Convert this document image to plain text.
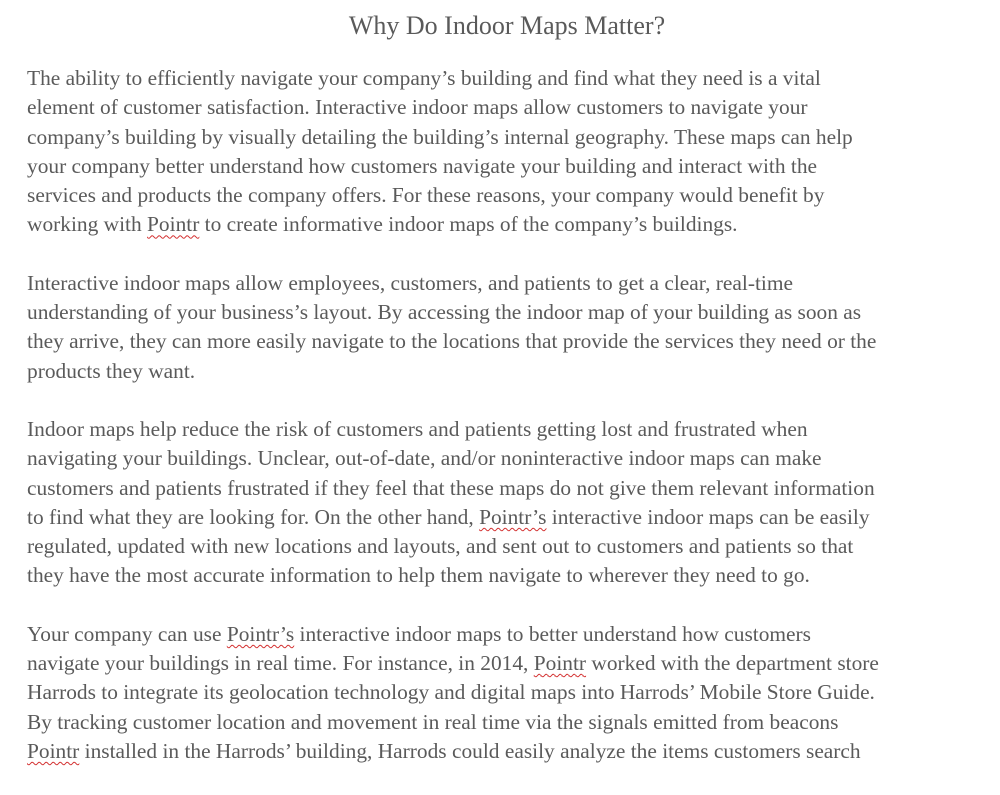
Why Do Indoor Maps Matter?

The ability to efficiently navigate your company’s building and find what they need is a vital
element of customer satisfaction. Interactive indoor maps allow customers to navigate your
company’s building by visually detailing the building’s internal geography. These maps can help
your company better understand how customers navigate your building and interact with the
services and products the company offers. For these reasons, your company would benefit by
working with Pointr to create informative indoor maps of the company’s buildings.

Interactive indoor maps allow employees, customers, and patients to get a clear, real-time
understanding of your business’s layout. By accessing the indoor map of your building as soon as
they arrive, they can more easily navigate to the locations that provide the services they need or the
products they want.

Indoor maps help reduce the risk of customers and patients getting lost and frustrated when
navigating your buildings. Unclear, out-of-date, and/or noninteractive indoor maps can make
customers and patients frustrated if they feel that these maps do not give them relevant information
to find what they are looking for. On the other hand, Pointr’s interactive indoor maps can be easily
regulated, updated with new locations and layouts, and sent out to customers and patients so that
they have the most accurate information to help them navigate to wherever they need to go.

Your company can use Pointr’s interactive indoor maps to better understand how customers
navigate your buildings in real time. For instance, in 2014, Pointr worked with the department store
Harrods to integrate its geolocation technology and digital maps into Harrods’ Mobile Store Guide.
By tracking customer location and movement in real time via the signals emitted from beacons
Pointr installed in the Harrods’ building, Harrods could easily analyze the items customers search
